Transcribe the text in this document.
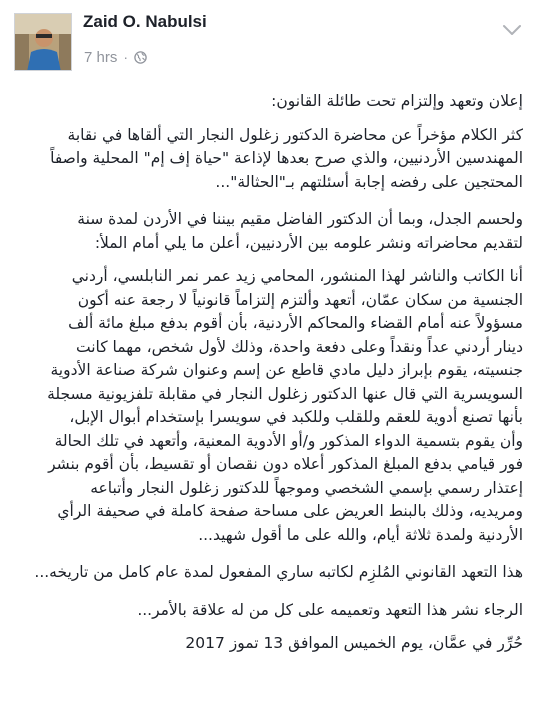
Zaid O. Nabulsi
7 hrs ·

إعلان وتعهد وإلتزام تحت طائلة القانون:

كثر الكلام مؤخراً عن محاضرة الدكتور زغلول النجار التي ألقاها في نقابة
المهندسين الأردنيين، والذي صرح بعدها لإذاعة "حياة إف إم" المحلية واصفاً
المحتجين على رفضه إجابة أسئلتهم بـ"الحثالة"...

ولحسم الجدل، وبما أن الدكتور الفاضل مقيم بيننا في الأردن لمدة سنة
لتقديم محاضراته ونشر علومه بين الأردنيين، أعلن ما يلي أمام الملأ:

أنا الكاتب والناشر لهذا المنشور، المحامي زيد عمر نمر النابلسي، أردني
الجنسية من سكان عمّان، أتعهد وألتزم إلتزاماً قانونياً لا رجعة عنه أكون
مسؤولاً عنه أمام القضاء والمحاكم الأردنية، بأن أقوم بدفع مبلغ مائة ألف
دينار أردني عداً ونقداً وعلى دفعة واحدة، وذلك لأول شخص، مهما كانت
جنسيته، يقوم بإبراز دليل مادي قاطع عن إسم وعنوان شركة صناعة الأدوية
السويسرية التي قال عنها الدكتور زغلول النجار في مقابلة تلفزيونية مسجلة
بأنها تصنع أدوية للعقم وللقلب وللكبد في سويسرا بإستخدام أبوال الإبل،
وأن يقوم بتسمية الدواء المذكور و/أو الأدوية المعنية، وأتعهد في تلك الحالة
فور قيامي بدفع المبلغ المذكور أعلاه دون نقصان أو تقسيط، بأن أقوم بنشر
إعتذار رسمي بإسمي الشخصي وموجهاً للدكتور زغلول النجار وأتباعه
ومريديه، وذلك بالبنط العريض على مساحة صفحة كاملة في صحيفة الرأي
الأردنية ولمدة ثلاثة أيام، والله على ما أقول شهيد...

هذا التعهد القانوني المُلزِم لكاتبه ساري المفعول لمدة عام كامل من تاريخه...

الرجاء نشر هذا التعهد وتعميمه على كل من له علاقة بالأمر...

حُرِّر في عمَّان، يوم الخميس الموافق 13 تموز 2017
